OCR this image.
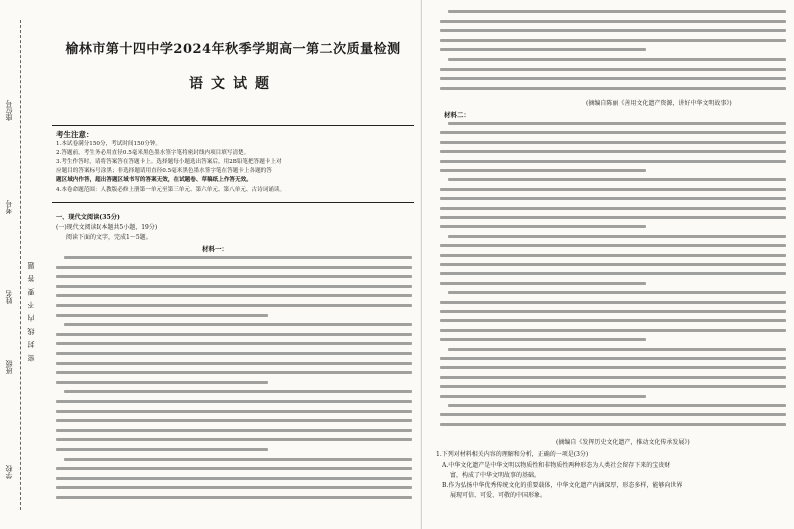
座位号
考号
姓名
班级
学校
密 封 线 内 不 要 答 题
榆林市第十四中学2024年秋季学期高一第二次质量检测
语文试题
考生注意：
1.本试卷满分150分，考试时间150分钟。
2.答题前，考生务必用直径0.5毫米黑色墨水签字笔将密封线内项目填写清楚。
3.考生作答时，请将答案答在答题卡上。选择题每小题选出答案后，用2B铅笔把答题卡上对
应题目的答案标号涂黑；非选择题请用直径0.5毫米黑色墨水签字笔在答题卡上各题的答
题区域内作答，超出答题区域书写的答案无效，在试题卷、草稿纸上作答无效。
4.本卷命题范围：人教版必修上册第一单元至第三单元、第六单元、第八单元、古诗词诵读。
一、现代文阅读(35分)
(一)现代文阅读Ⅰ(本题共5小题，19分)
阅读下面的文字，完成1～5题。
材料一：
(摘编自陈丽《善用文化遗产资源，讲好中华文明故事》)
材料二：
(摘编自《发挥历史文化遗产，推动文化传承发展》)
1.下列对材料相关内容的理解和分析，正确的一项是(3分)
A.中华文化遗产是中华文明以物质性和非物质性两种形态为人类社会留存下来的宝贵财
富，构成了中华文明故事的基础。
B.作为弘扬中华优秀传统文化的重要载体，中华文化遗产内涵深厚，形态多样，能够向世界
展现可信、可爱、可敬的中国形象。
